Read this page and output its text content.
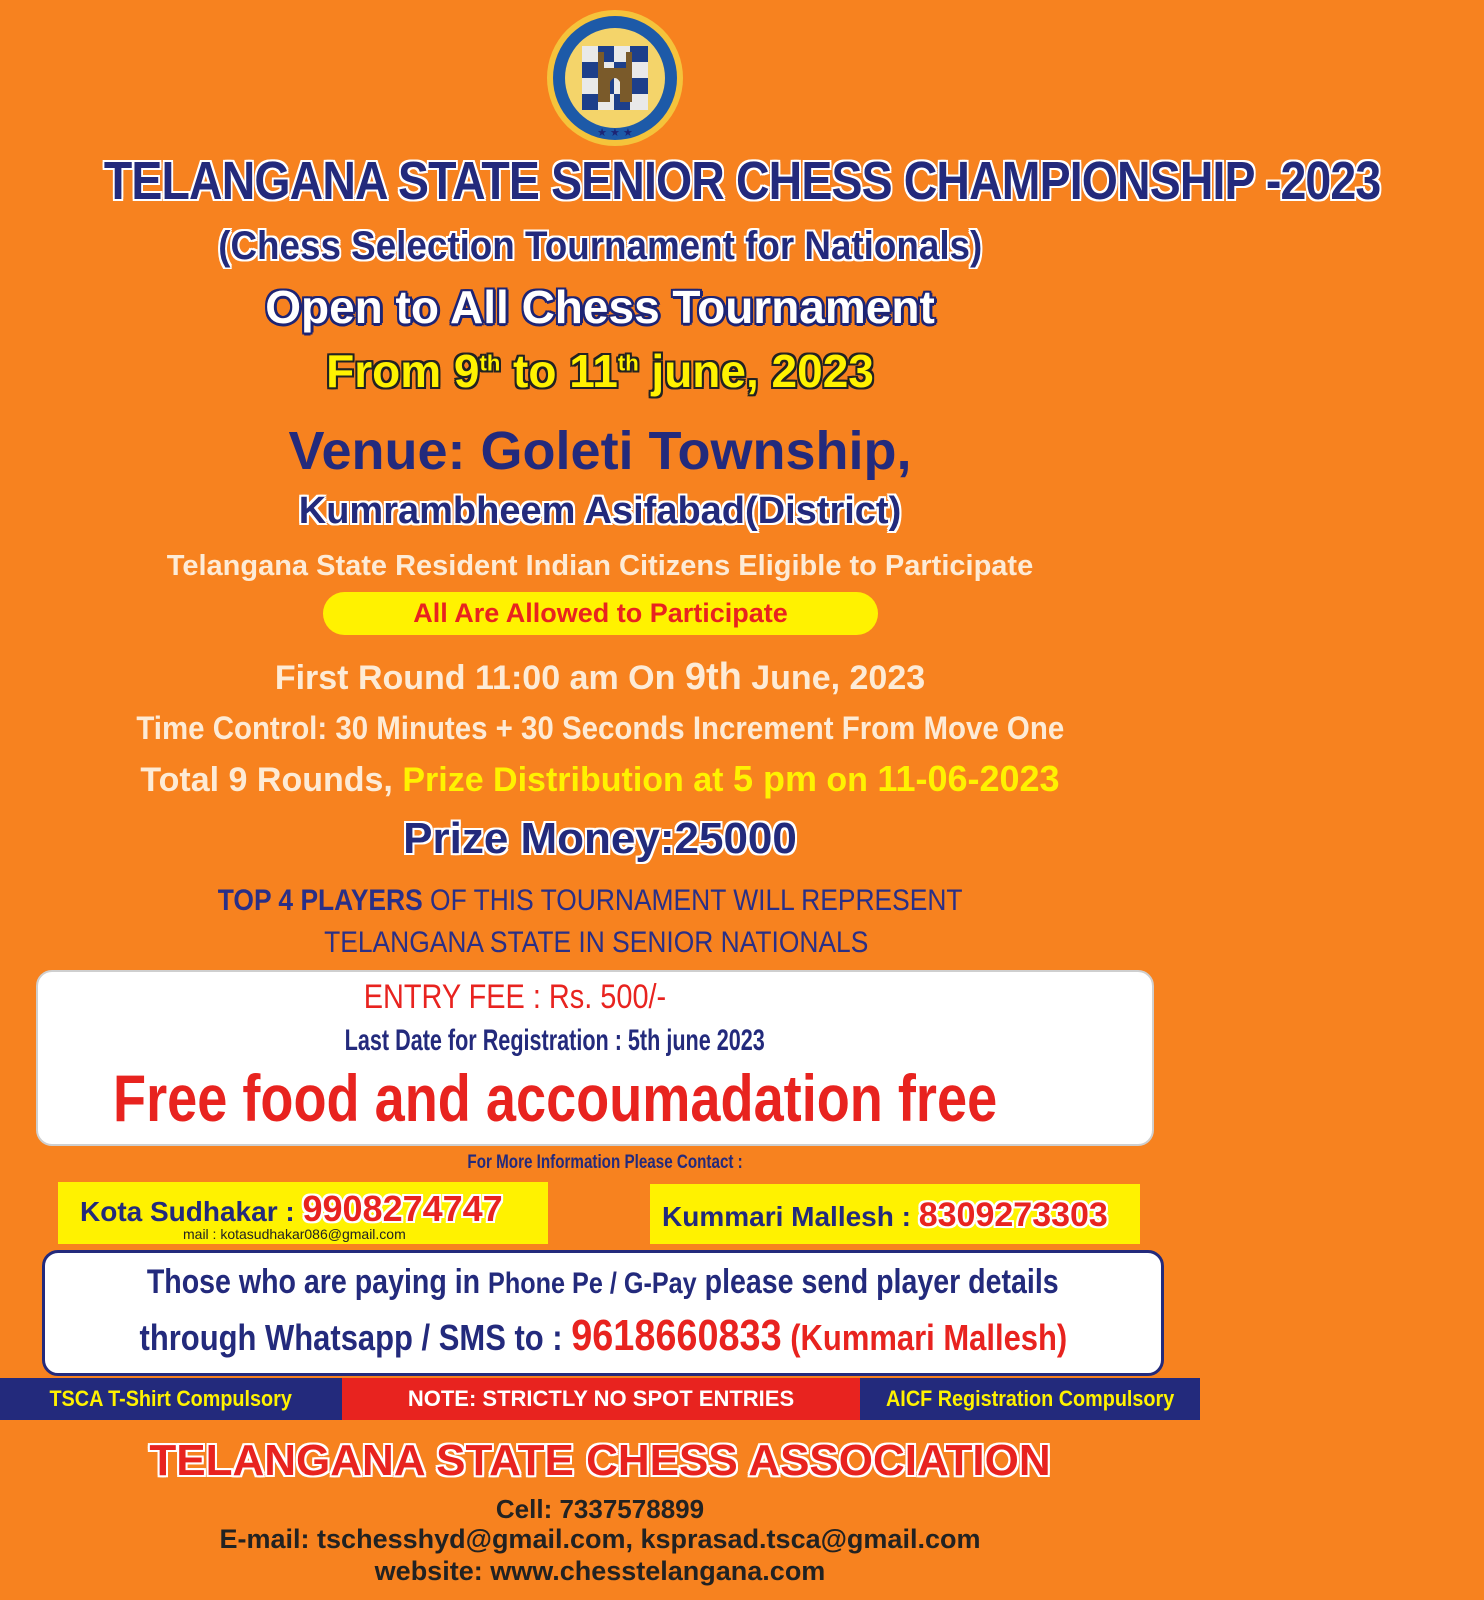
★ ★ ★
TELANGANA STATE SENIOR CHESS CHAMPIONSHIP -2023
(Chess Selection Tournament for Nationals)
Open to All Chess Tournament
From 9th to 11th june, 2023
Venue: Goleti Township,
Kumrambheem Asifabad(District)
Telangana State Resident Indian Citizens Eligible to Participate
All Are Allowed to Participate
First Round 11:00 am On 9th June, 2023
Time Control: 30 Minutes + 30 Seconds Increment From Move One
Total 9 Rounds, Prize Distribution at 5 pm on 11-06-2023
Prize Money:25000
TOP 4 PLAYERS OF THIS TOURNAMENT WILL REPRESENT
TELANGANA STATE IN SENIOR NATIONALS
ENTRY FEE : Rs. 500/-
Last Date for Registration : 5th june 2023
Free food and accoumadation free
For More Information Please Contact :
Kota Sudhakar : 9908274747
mail : kotasudhakar086@gmail.com
Kummari Mallesh : 8309273303
Those who are paying in Phone Pe / G-Pay please send player details
through Whatsapp / SMS to : 9618660833 (Kummari Mallesh)
TSCA T-Shirt Compulsory	NOTE: STRICTLY NO SPOT ENTRIES	AICF Registration Compulsory
TELANGANA STATE CHESS ASSOCIATION
Cell: 7337578899
E-mail: tschesshyd@gmail.com, ksprasad.tsca@gmail.com
website: www.chesstelangana.com
